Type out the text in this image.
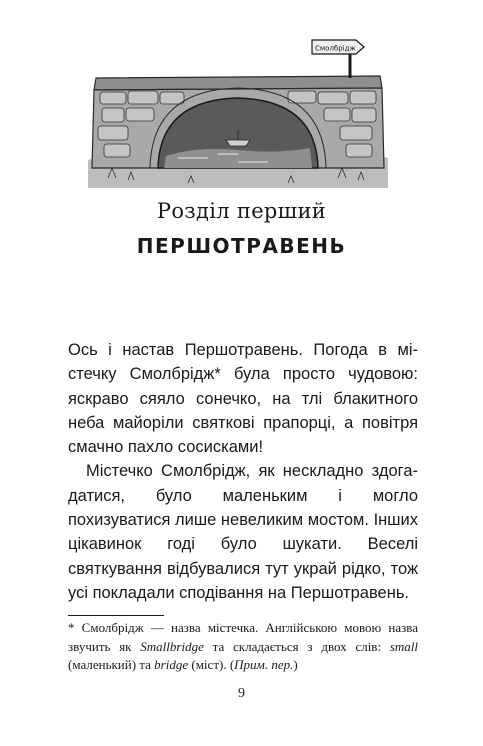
Смолбрідж
Розділ перший
ПЕРШОТРАВЕНЬ

Ось і настав Першотравень. Погода в містечку Смолбрідж* була просто чудовою: яскраво сяяло сонечко, на тлі блакитного неба майоріли святкові прапорці, а повітря смачно пахло сосисками!

Містечко Смолбрідж, як нескладно здогадатися, було маленьким і могло похизуватися лише невеликим мостом. Інших цікавинок годі було шукати. Веселі святкування відбувалися тут украй рідко, тож усі покладали сподівання на Першотравень.

* Смолбрідж — назва містечка. Англійською мовою назва звучить як Smallbridge та складається з двох слів: small (маленький) та bridge (міст). (Прим. пер.)
9
